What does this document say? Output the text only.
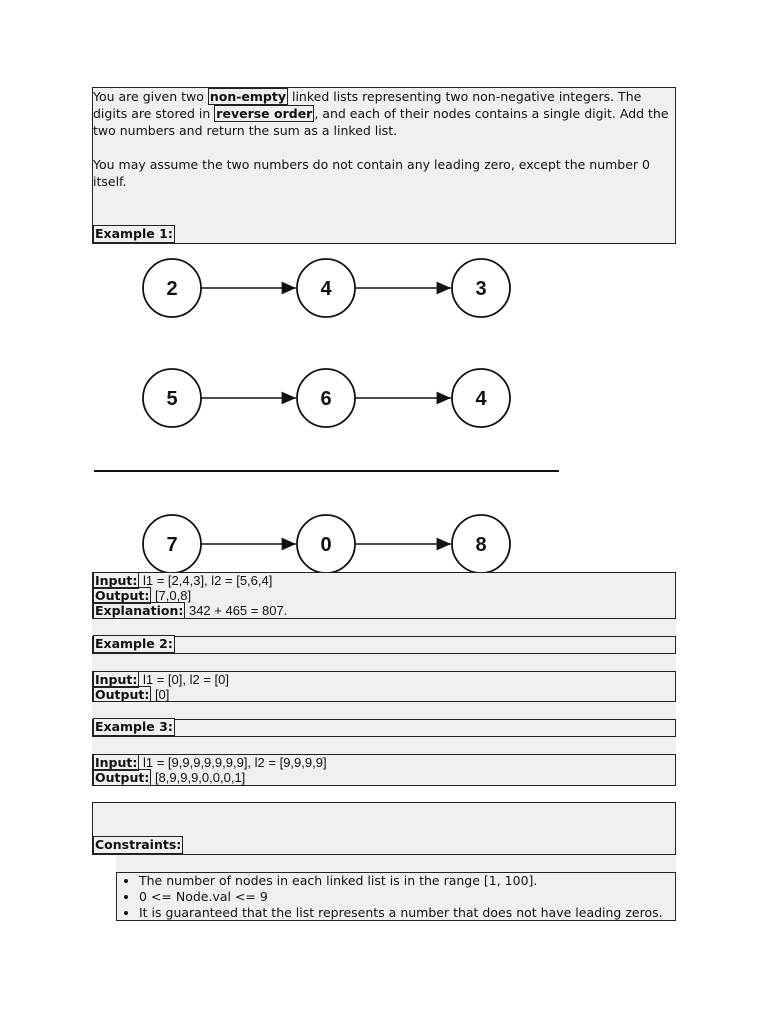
You are given two non-empty linked lists representing two non-negative integers. The digits are stored in reverse order , and each of their nodes contains a single digit. Add the two numbers and return the sum as a linked list.

You may assume the two numbers do not contain any leading zero, except the number 0 itself.

Example 1:
2	4	3
5	6	4
7	0	8
Input: l1 = [2,4,3], l2 = [5,6,4]
Output: [7,0,8]
Explanation: 342 + 465 = 807.
Example 2:
Input: l1 = [0], l2 = [0]
Output: [0]
Example 3:
Input: l1 = [9,9,9,9,9,9,9], l2 = [9,9,9,9]
Output: [8,9,9,9,0,0,0,1]
Constraints:
• The number of nodes in each linked list is in the range [1, 100].
• 0 <= Node.val <= 9
• It is guaranteed that the list represents a number that does not have leading zeros.
